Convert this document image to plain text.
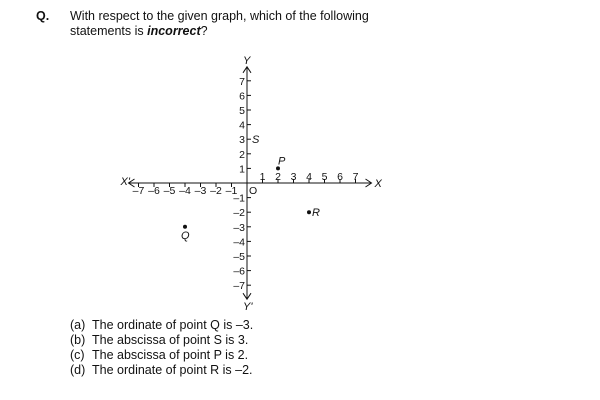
Q. With respect to the given graph, which of the following
statements is incorrect?
–7 –6 –5 –4 –3 –2 –1
1 2 3 4 5 6 7
–7
–6
–5
–4
–3
–2
–1
1
2
3
4
5
6
7
X
X'
Y
Y'
O
P
Q
R
S
(a) The ordinate of point Q is –3.
(b) The abscissa of point S is 3.
(c) The abscissa of point P is 2.
(d) The ordinate of point R is –2.
